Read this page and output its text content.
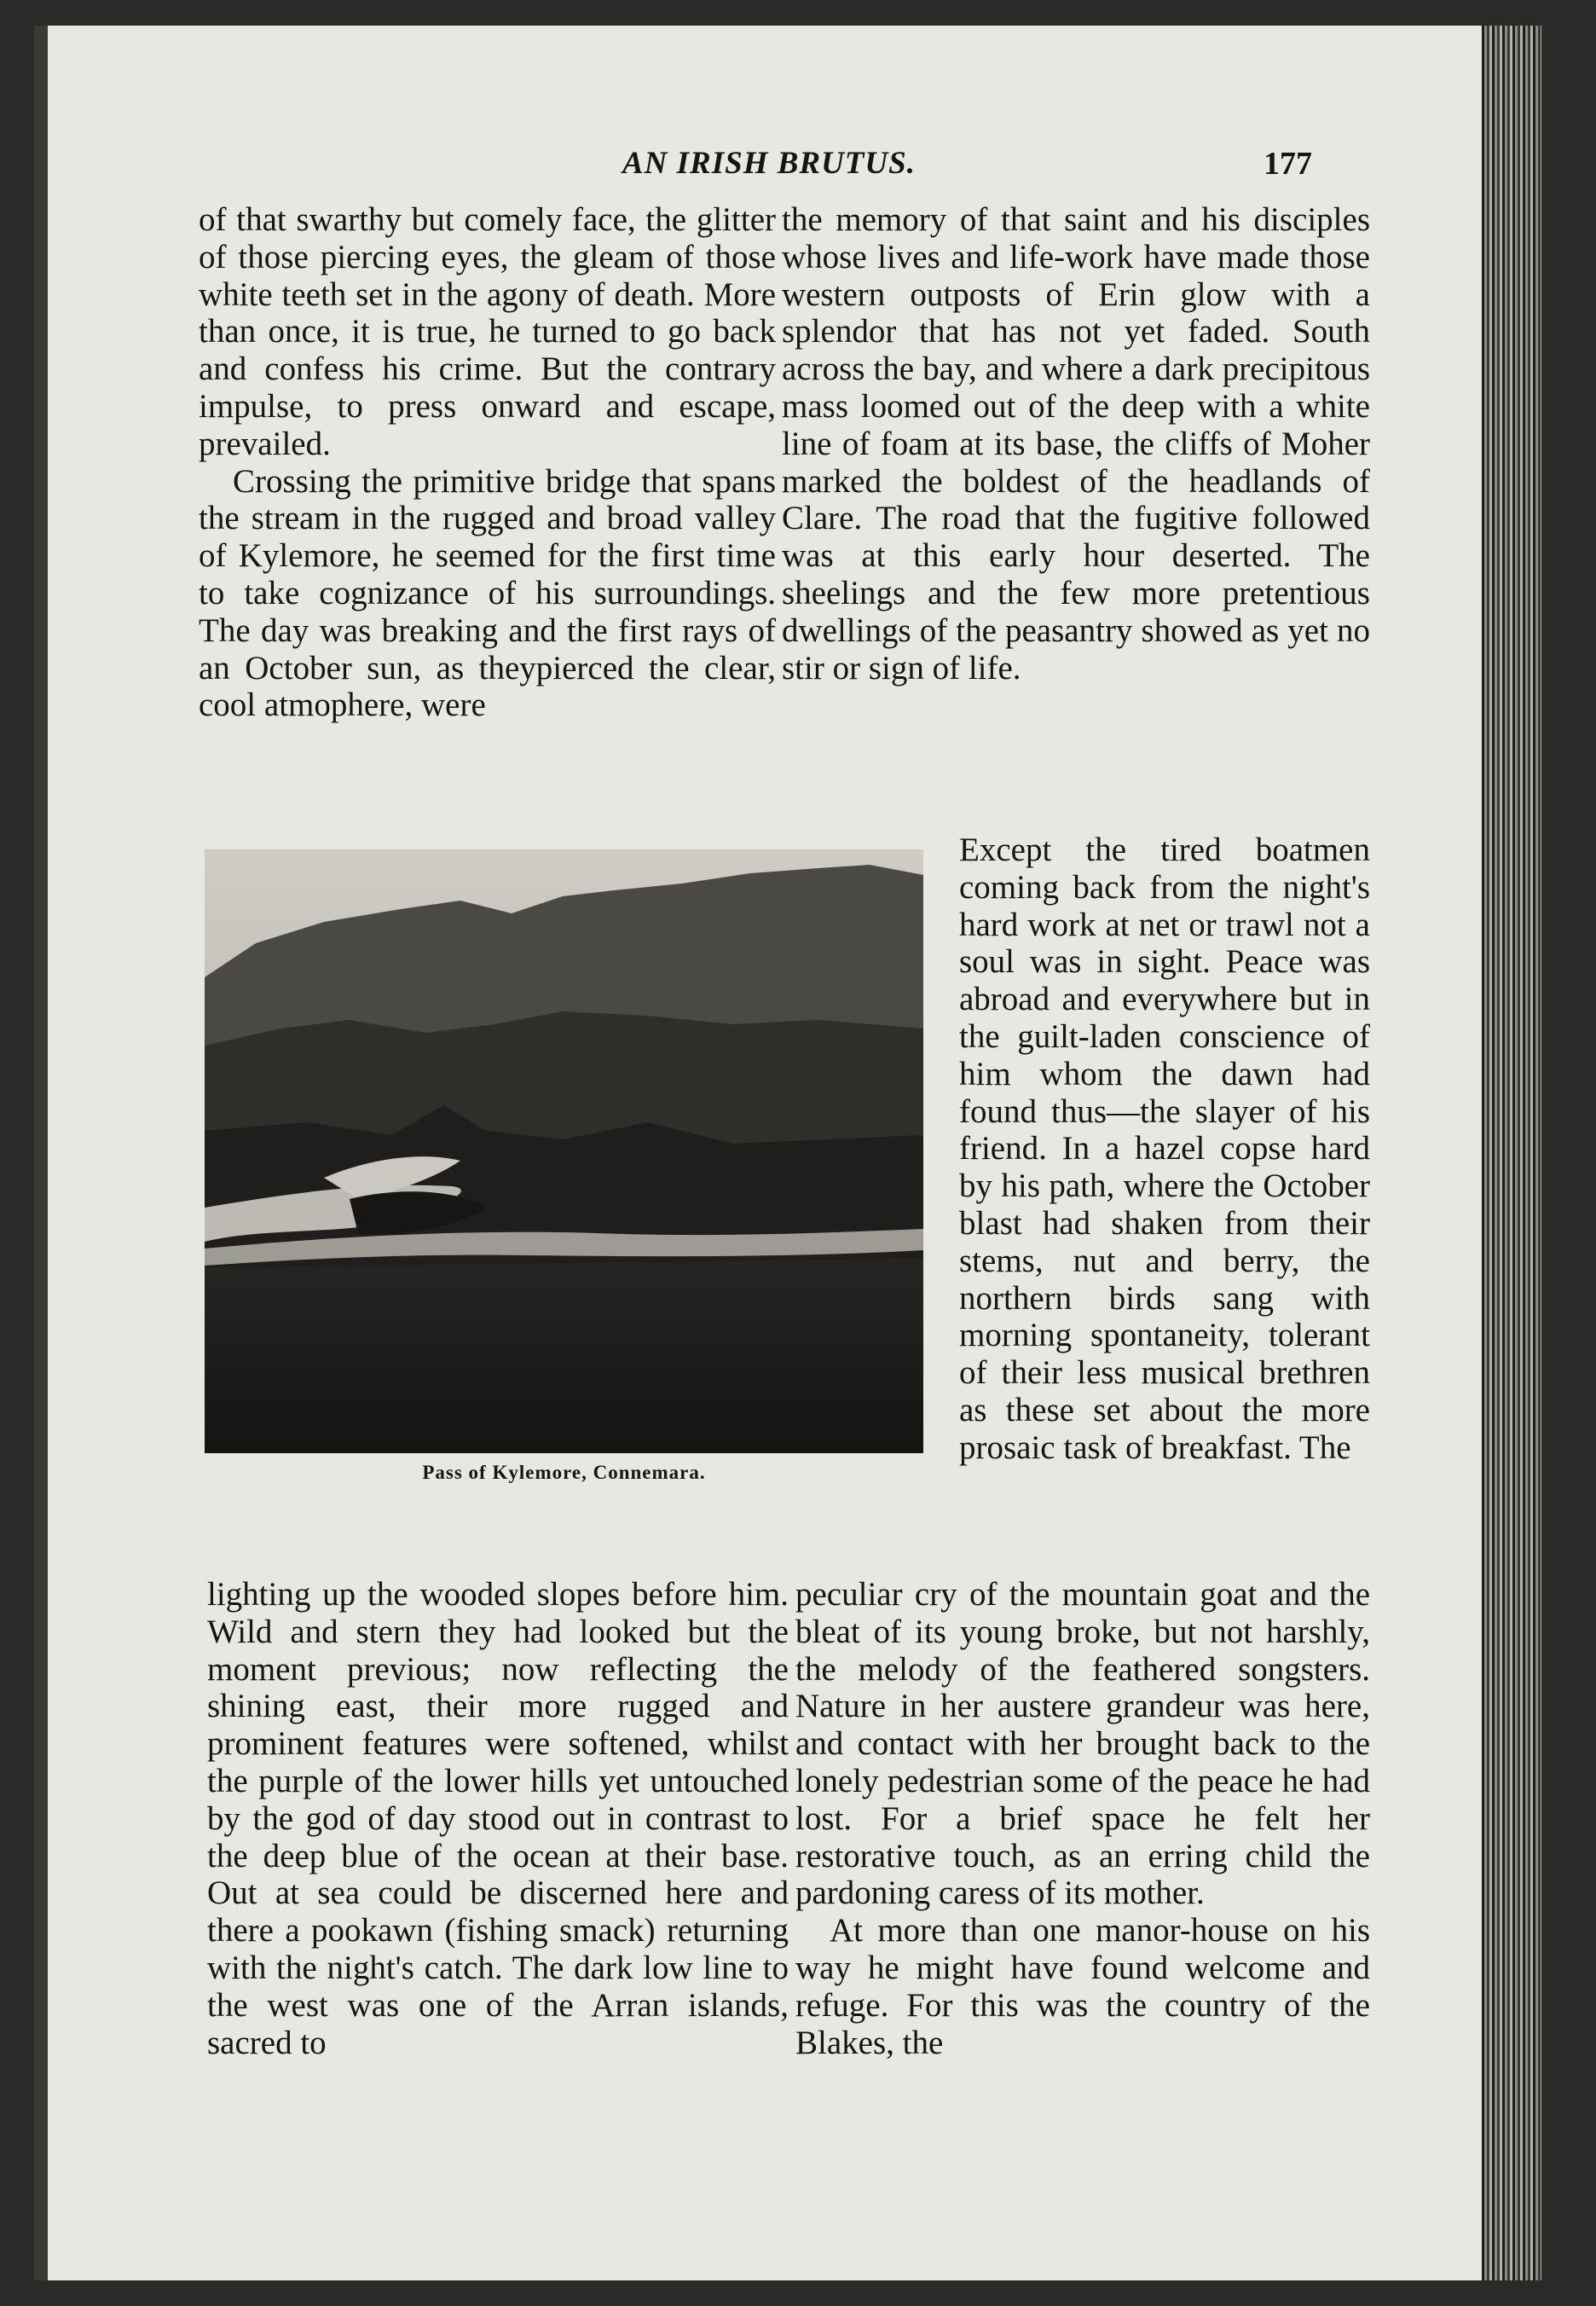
AN IRISH BRUTUS.	177

of that swarthy but comely face, the glitter of those piercing eyes, the gleam of those white teeth set in the agony of death. More than once, it is true, he turned to go back and confess his crime. But the contrary impulse, to press onward and escape, prevailed.

Crossing the primitive bridge that spans the stream in the rugged and broad valley of Kylemore, he seemed for the first time to take cognizance of his surroundings. The day was breaking and the first rays of an October sun, as theypierced the clear, cool atmophere, were

the memory of that saint and his disciples whose lives and life-work have made those western outposts of Erin glow with a splendor that has not yet faded. South across the bay, and where a dark precipitous mass loomed out of the deep with a white line of foam at its base, the cliffs of Moher marked the boldest of the headlands of Clare. The road that the fugitive followed was at this early hour deserted. The sheelings and the few more pretentious dwellings of the peasantry showed as yet no stir or sign of life.

Except the tired boatmen coming back from the night's hard work at net or trawl not a soul was in sight. Peace was abroad and everywhere but in the guilt-laden conscience of him whom the dawn had found thus—the slayer of his friend. In a hazel copse hard by his path, where the October blast had shaken from their stems, nut and berry, the northern birds sang with morning spontaneity, tolerant of their less musical brethren as these set about the more prosaic task of breakfast. The

Pass of Kylemore, Connemara.

lighting up the wooded slopes before him. Wild and stern they had looked but the moment previous; now reflecting the shining east, their more rugged and prominent features were softened, whilst the purple of the lower hills yet untouched by the god of day stood out in contrast to the deep blue of the ocean at their base. Out at sea could be discerned here and there a pookawn (fishing smack) returning with the night's catch. The dark low line to the west was one of the Arran islands, sacred to

peculiar cry of the mountain goat and the bleat of its young broke, but not harshly, the melody of the feathered songsters. Nature in her austere grandeur was here, and contact with her brought back to the lonely pedestrian some of the peace he had lost. For a brief space he felt her restorative touch, as an erring child the pardoning caress of its mother.

At more than one manor-house on his way he might have found welcome and refuge. For this was the country of the Blakes, the
